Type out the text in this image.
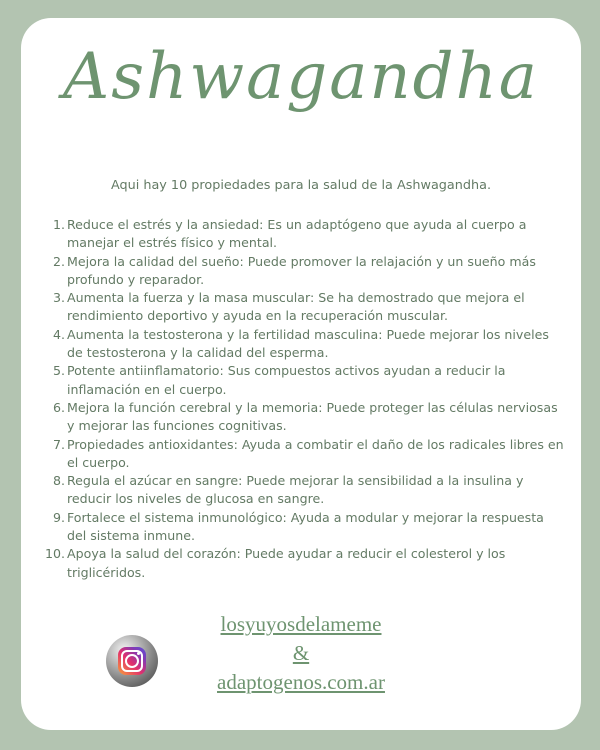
Ashwagandha

Aqui hay 10 propiedades para la salud de la Ashwagandha.

1. Reduce el estrés y la ansiedad: Es un adaptógeno que ayuda al cuerpo a manejar el estrés físico y mental.
2. Mejora la calidad del sueño: Puede promover la relajación y un sueño más profundo y reparador.
3. Aumenta la fuerza y la masa muscular: Se ha demostrado que mejora el rendimiento deportivo y ayuda en la recuperación muscular.
4. Aumenta la testosterona y la fertilidad masculina: Puede mejorar los niveles de testosterona y la calidad del esperma.
5. Potente antiinflamatorio: Sus compuestos activos ayudan a reducir la inflamación en el cuerpo.
6. Mejora la función cerebral y la memoria: Puede proteger las células nerviosas y mejorar las funciones cognitivas.
7. Propiedades antioxidantes: Ayuda a combatir el daño de los radicales libres en el cuerpo.
8. Regula el azúcar en sangre: Puede mejorar la sensibilidad a la insulina y reducir los niveles de glucosa en sangre.
9. Fortalece el sistema inmunológico: Ayuda a modular y mejorar la respuesta del sistema inmune.
10. Apoya la salud del corazón: Puede ayudar a reducir el colesterol y los triglicéridos.
losyuyosdelameme
&
adaptogenos.com.ar
